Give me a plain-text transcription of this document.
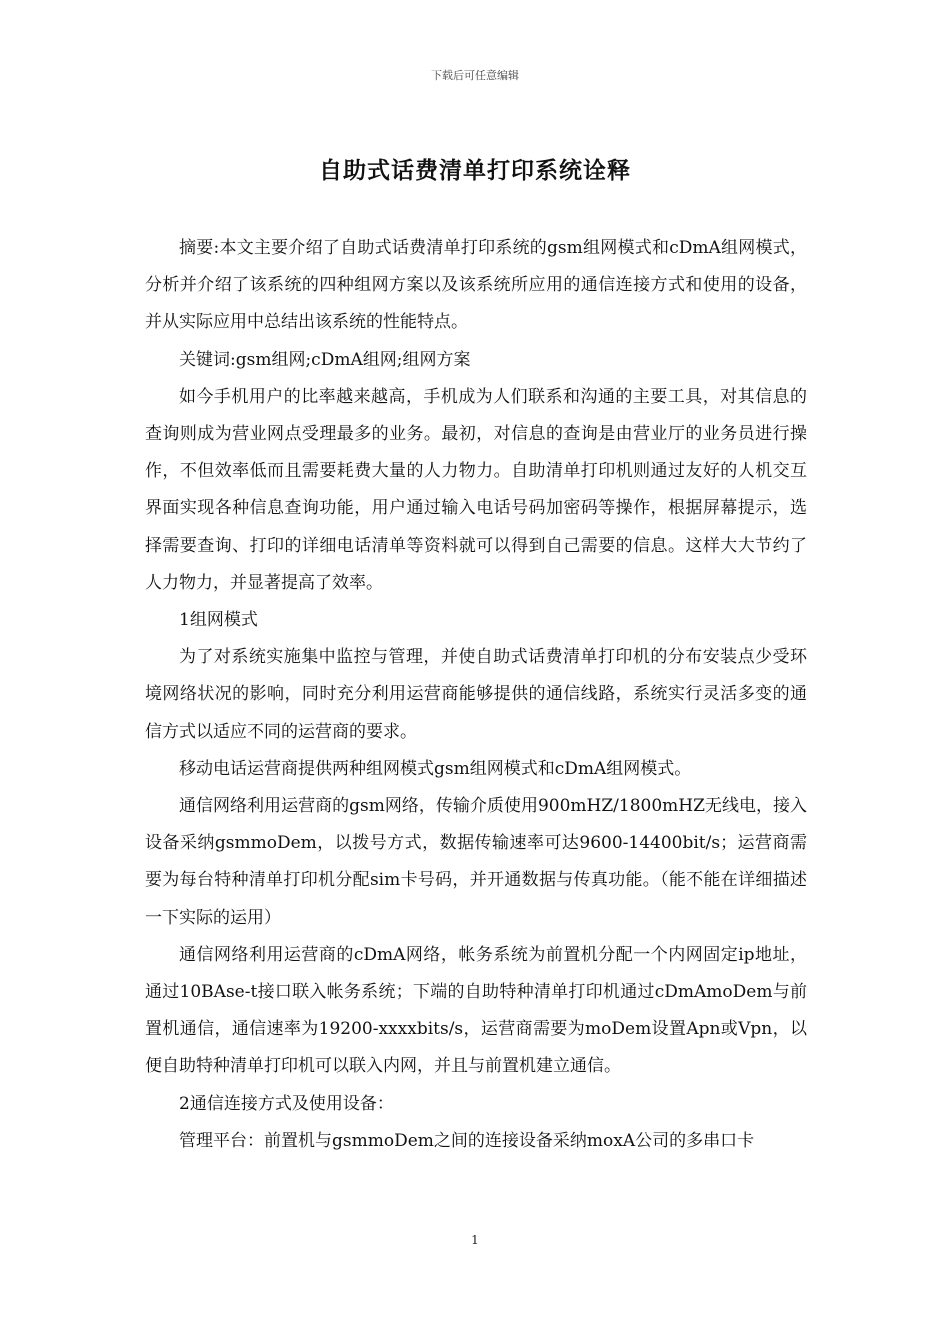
下载后可任意编辑
自助式话费清单打印系统诠释

摘要:本文主要介绍了自助式话费清单打印系统的gsm组网模式和cDmA组网模式，分析并介绍了该系统的四种组网方案以及该系统所应用的通信连接方式和使用的设备，并从实际应用中总结出该系统的性能特点。

关键词:gsm组网;cDmA组网;组网方案

如今手机用户的比率越来越高，手机成为人们联系和沟通的主要工具，对其信息的查询则成为营业网点受理最多的业务。最初，对信息的查询是由营业厅的业务员进行操作，不但效率低而且需要耗费大量的人力物力。自助清单打印机则通过友好的人机交互界面实现各种信息查询功能，用户通过输入电话号码加密码等操作，根据屏幕提示，选择需要查询、打印的详细电话清单等资料就可以得到自己需要的信息。这样大大节约了人力物力，并显著提高了效率。

1组网模式

为了对系统实施集中监控与管理，并使自助式话费清单打印机的分布安装点少受环境网络状况的影响，同时充分利用运营商能够提供的通信线路，系统实行灵活多变的通信方式以适应不同的运营商的要求。

移动电话运营商提供两种组网模式gsm组网模式和cDmA组网模式。

通信网络利用运营商的gsm网络，传输介质使用900mHZ/1800mHZ无线电，接入设备采纳gsmmoDem，以拨号方式，数据传输速率可达9600-14400bit/s；运营商需要为每台特种清单打印机分配sim卡号码，并开通数据与传真功能。（能不能在详细描述一下实际的运用）

通信网络利用运营商的cDmA网络，帐务系统为前置机分配一个内网固定ip地址，通过10BAse-t接口联入帐务系统；下端的自助特种清单打印机通过cDmAmoDem与前置机通信，通信速率为19200-xxxxbits/s，运营商需要为moDem设置Apn或Vpn，以便自助特种清单打印机可以联入内网，并且与前置机建立通信。

2通信连接方式及使用设备：

管理平台：前置机与gsmmoDem之间的连接设备采纳moxA公司的多串口卡

1
